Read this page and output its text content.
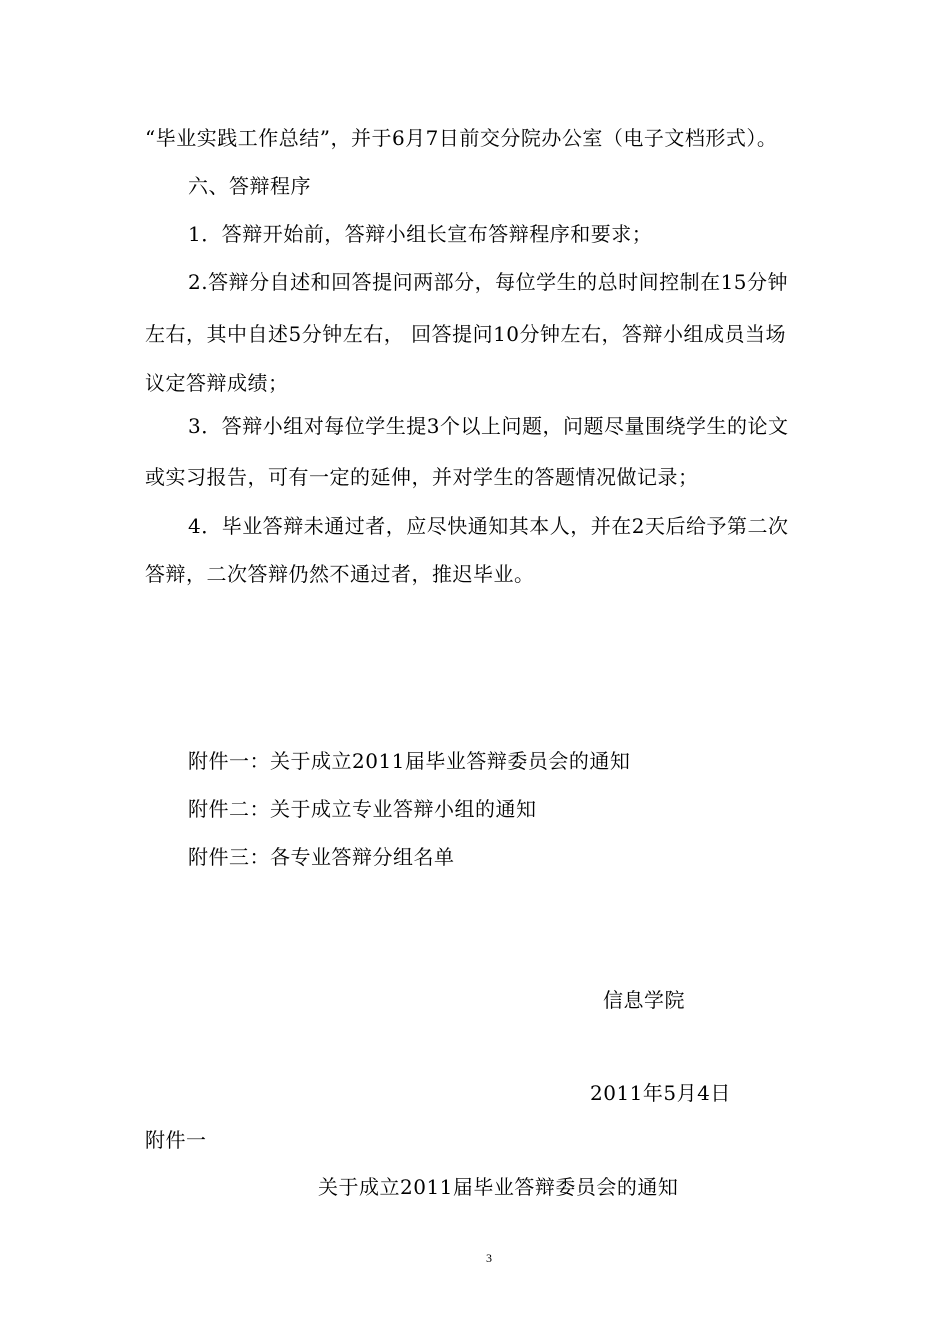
“毕业实践工作总结”，并于6月7日前交分院办公室（电子文档形式）。
六、答辩程序
1．答辩开始前，答辩小组长宣布答辩程序和要求；
2.答辩分自述和回答提问两部分，每位学生的总时间控制在15分钟
左右，其中自述5分钟左右， 回答提问10分钟左右，答辩小组成员当场
议定答辩成绩；
3．答辩小组对每位学生提3个以上问题，问题尽量围绕学生的论文
或实习报告，可有一定的延伸，并对学生的答题情况做记录；
4．毕业答辩未通过者，应尽快通知其本人，并在2天后给予第二次
答辩，二次答辩仍然不通过者，推迟毕业。
附件一：关于成立2011届毕业答辩委员会的通知
附件二：关于成立专业答辩小组的通知
附件三：各专业答辩分组名单
信息学院
2011年5月4日
附件一
关于成立2011届毕业答辩委员会的通知
3
